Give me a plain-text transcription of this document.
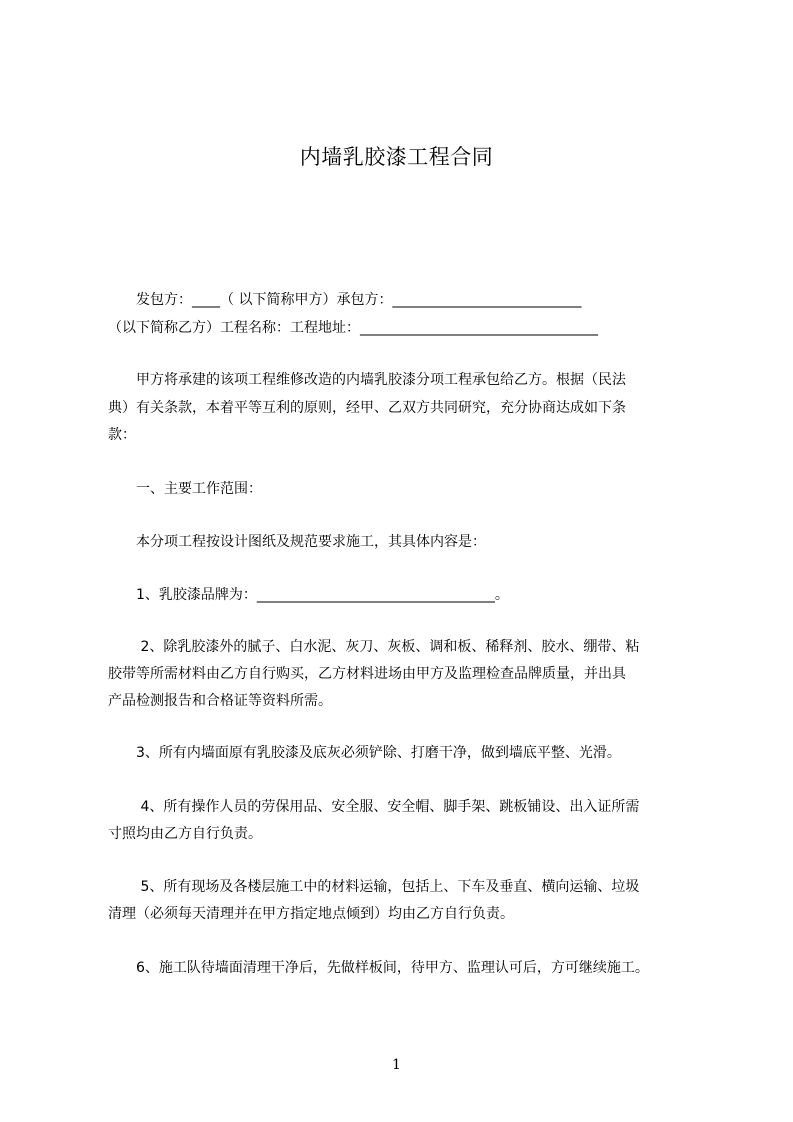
内墙乳胶漆工程合同
　　发包方：____（ 以下简称甲方）承包方：___________________________
（以下简称乙方）工程名称：工程地址：__________________________________
　　甲方将承建的该项工程维修改造的内墙乳胶漆分项工程承包给乙方。根据（民法
典）有关条款，本着平等互利的原则，经甲、乙双方共同研究，充分协商达成如下条
款：
　　一、主要工作范围：
　　本分项工程按设计图纸及规范要求施工，其具体内容是：
　　1、乳胶漆品牌为：__________________________________。
　　 2、除乳胶漆外的腻子、白水泥、灰刀、灰板、调和板、稀释剂、胶水、绷带、粘
胶带等所需材料由乙方自行购买，乙方材料进场由甲方及监理检查品牌质量，并出具
产品检测报告和合格证等资料所需。
　　3、所有内墙面原有乳胶漆及底灰必须铲除、打磨干净，做到墙底平整、光滑。
　　 4、所有操作人员的劳保用品、安全服、安全帽、脚手架、跳板铺设、出入证所需
寸照均由乙方自行负责。
　　 5、所有现场及各楼层施工中的材料运输，包括上、下车及垂直、横向运输、垃圾
清理（必须每天清理并在甲方指定地点倾到）均由乙方自行负责。
　　6、施工队待墙面清理干净后，先做样板间，待甲方、监理认可后，方可继续施工。
1
